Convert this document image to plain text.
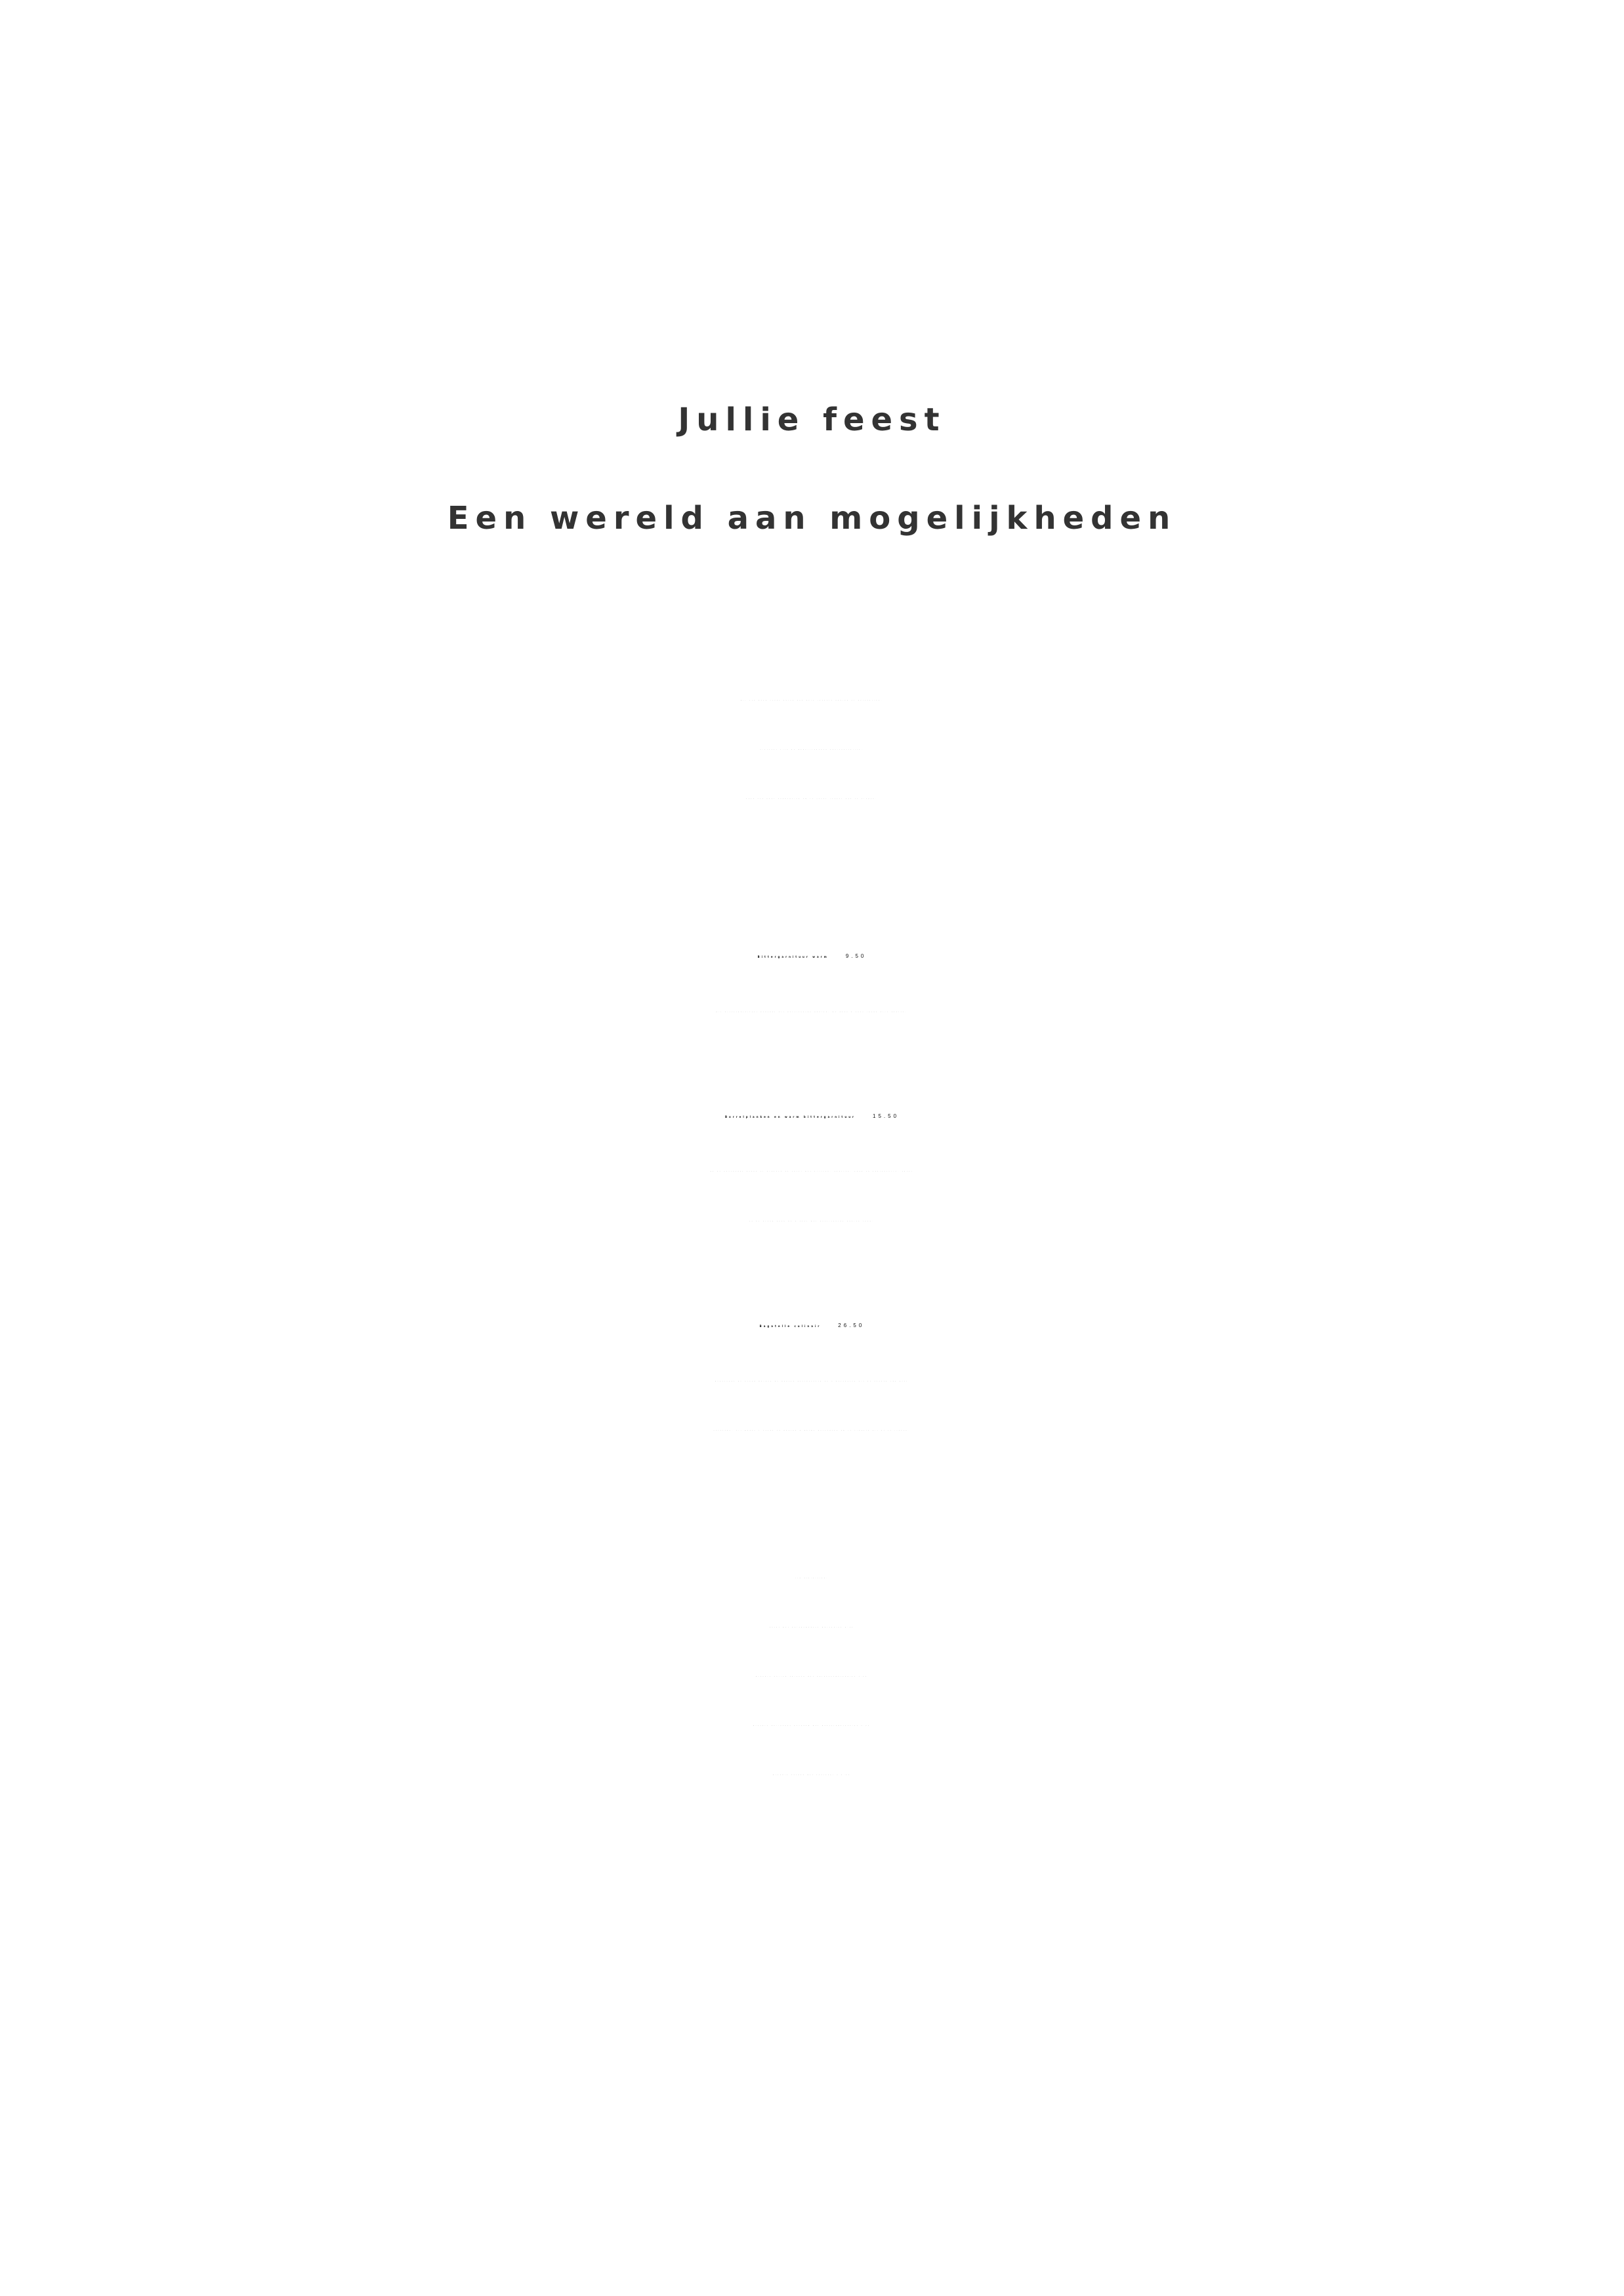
Jullie feest
Een wereld aan mogelijkheden
Bij een goed feest horen ook hele lekkere hapjes of gerechtjes.
Hiervoor zijn de mogelijkheden onuitputtelijk.
Toch een paar suggesties om je feest lekker aan te kleden.
Bittergarnituur warm	9.50
Dit bittergarnituur bestaat uit gefrituurde hapjes. We gaan 5 keer langs alle gasten.
Borrelplanken en warm bittergarnituur	15.50
Na de ontvangst staan er planken op tafel met olijven, nootjes, kaas en charcuterie. Later
op de avond gaan we 3 keer met gefrituurde hapjes rond.
Bagatelle culinair	26.50
Gedurende de avond worden de gasten getrakteerd op 6 gerechten uit de keuken van Stef
Hofstede. Hij maakt 4 koude en daarna 2 warme gerechten om je vingers bij af te likken.
Als afsluiting:
Patat met huisgemaakte mayonaise 5.00
Broodje Pulled chicken met barbecuemayonaise 7,00
Broodje Sallandse beenham met mosterdmayonaise 7,00
Broodje Hotdog met zuurkool € 7,00
